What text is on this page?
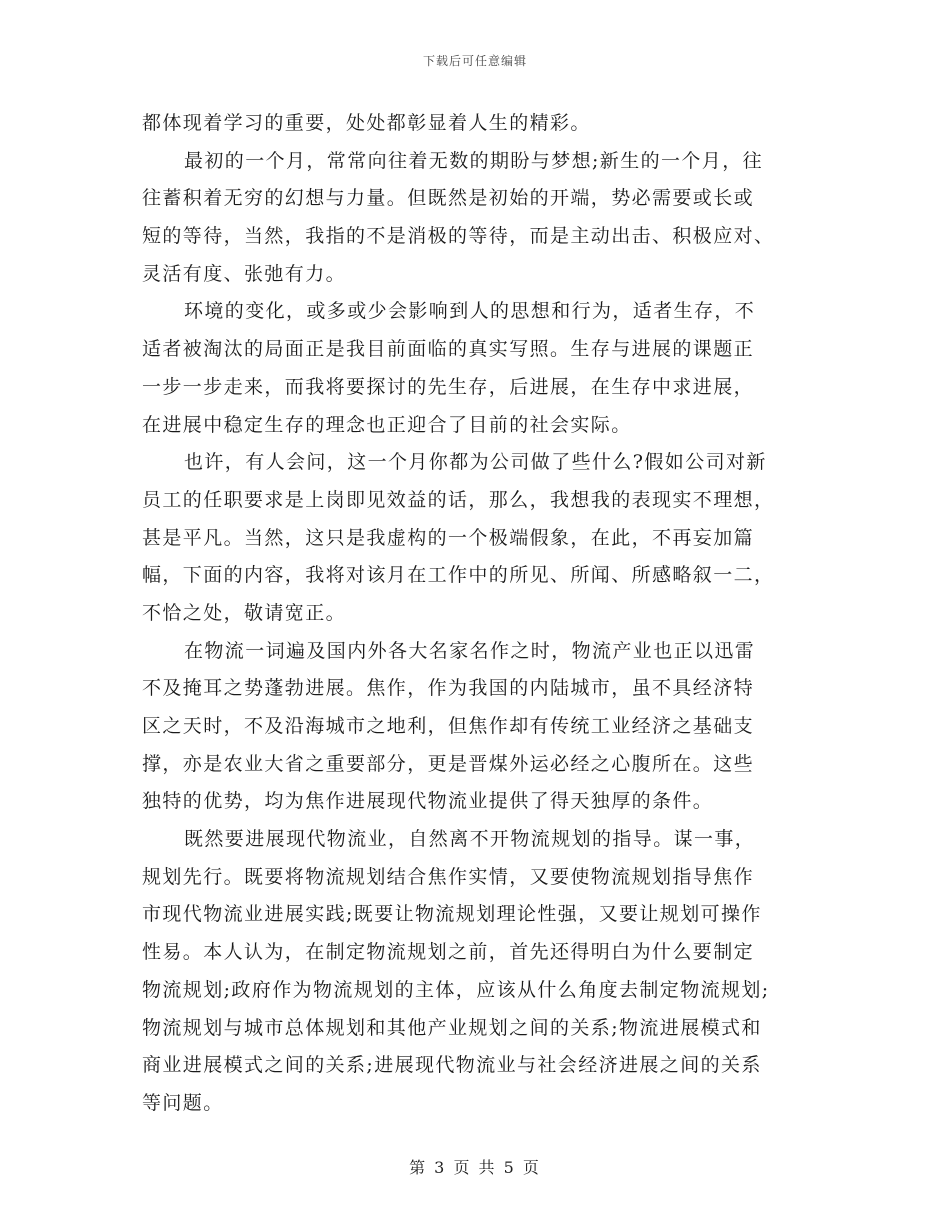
下载后可任意编辑
都体现着学习的重要，处处都彰显着人生的精彩。
最初的一个月，常常向往着无数的期盼与梦想;新生的一个月，往
往蓄积着无穷的幻想与力量。但既然是初始的开端，势必需要或长或
短的等待，当然，我指的不是消极的等待，而是主动出击、积极应对、
灵活有度、张弛有力。
环境的变化，或多或少会影响到人的思想和行为，适者生存，不
适者被淘汰的局面正是我目前面临的真实写照。生存与进展的课题正
一步一步走来，而我将要探讨的先生存，后进展，在生存中求进展，
在进展中稳定生存的理念也正迎合了目前的社会实际。
也许，有人会问，这一个月你都为公司做了些什么?假如公司对新
员工的任职要求是上岗即见效益的话，那么，我想我的表现实不理想，
甚是平凡。当然，这只是我虚构的一个极端假象，在此，不再妄加篇
幅，下面的内容，我将对该月在工作中的所见、所闻、所感略叙一二，
不恰之处，敬请宽正。
在物流一词遍及国内外各大名家名作之时，物流产业也正以迅雷
不及掩耳之势蓬勃进展。焦作，作为我国的内陆城市，虽不具经济特
区之天时，不及沿海城市之地利，但焦作却有传统工业经济之基础支
撑，亦是农业大省之重要部分，更是晋煤外运必经之心腹所在。这些
独特的优势，均为焦作进展现代物流业提供了得天独厚的条件。
既然要进展现代物流业，自然离不开物流规划的指导。谋一事，
规划先行。既要将物流规划结合焦作实情，又要使物流规划指导焦作
市现代物流业进展实践;既要让物流规划理论性强，又要让规划可操作
性易。本人认为，在制定物流规划之前，首先还得明白为什么要制定
物流规划;政府作为物流规划的主体，应该从什么角度去制定物流规划;
物流规划与城市总体规划和其他产业规划之间的关系;物流进展模式和
商业进展模式之间的关系;进展现代物流业与社会经济进展之间的关系
等问题。
第 3 页 共 5 页
